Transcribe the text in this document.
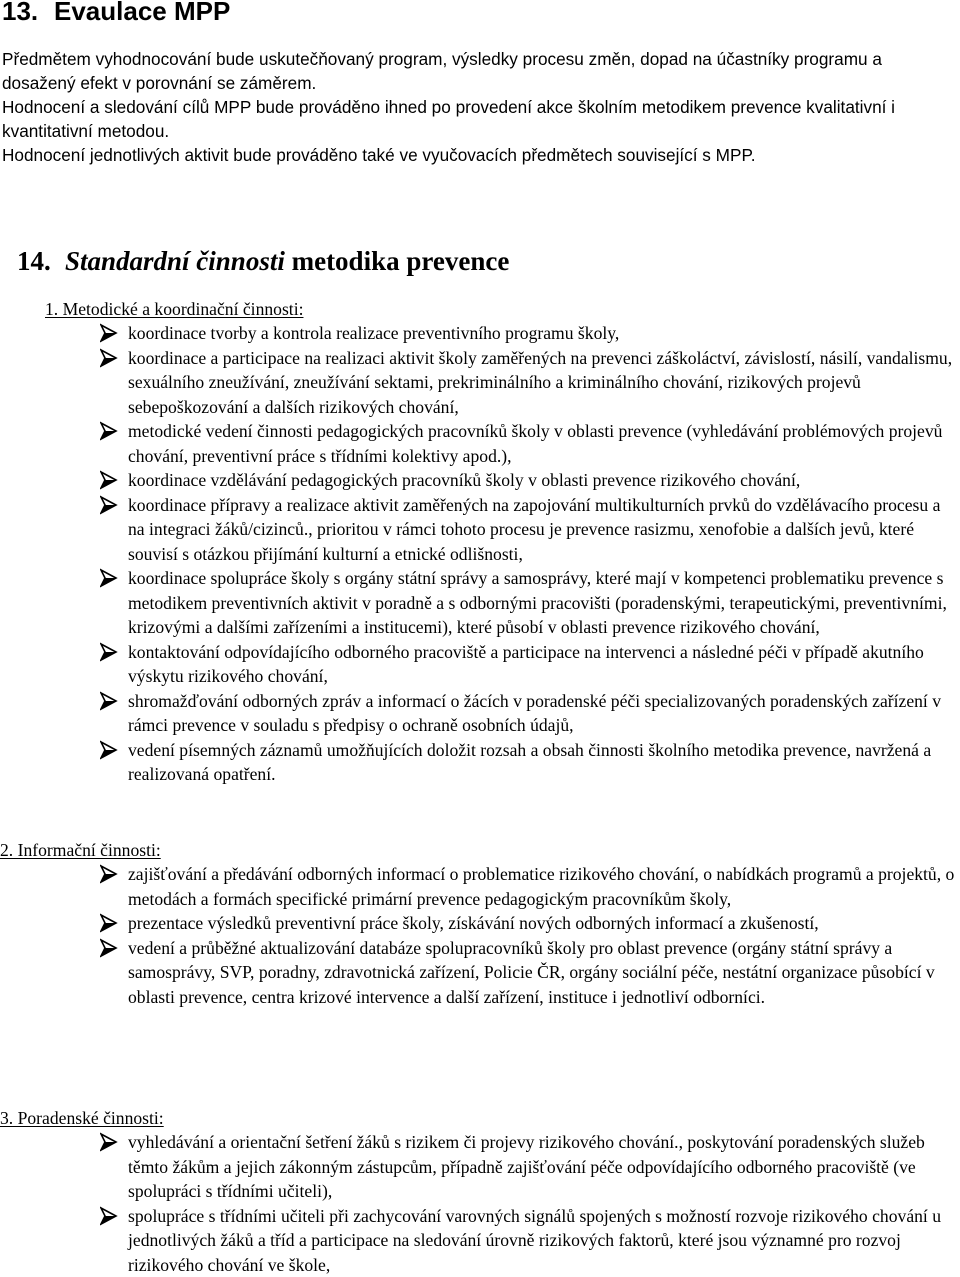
13. Evaulace MPP

Předmětem vyhodnocování bude uskutečňovaný program, výsledky procesu změn, dopad na účastníky programu a dosažený efekt v porovnání se záměrem.

Hodnocení a sledování cílů MPP bude prováděno ihned po provedení akce školním metodikem prevence kvalitativní i kvantitativní metodou.

Hodnocení jednotlivých aktivit bude prováděno také ve vyučovacích předmětech související s MPP.

14. Standardní činnosti metodika prevence
1. Metodické a koordinační činnosti:
koordinace tvorby a kontrola realizace preventivního programu školy,
koordinace a participace na realizaci aktivit školy zaměřených na prevenci záškoláctví, závislostí, násilí, vandalismu, sexuálního zneužívání, zneužívání sektami, prekriminálního a kriminálního chování, rizikových projevů sebepoškozování a dalších rizikových chování,
metodické vedení činnosti pedagogických pracovníků školy v oblasti prevence (vyhledávání problémových projevů chování, preventivní práce s třídními kolektivy apod.),
koordinace vzdělávání pedagogických pracovníků školy v oblasti prevence rizikového chování,
koordinace přípravy a realizace aktivit zaměřených na zapojování multikulturních prvků do vzdělávacího procesu a na integraci žáků/cizinců., prioritou v rámci tohoto procesu je prevence rasizmu, xenofobie a dalších jevů, které souvisí s otázkou přijímání kulturní a etnické odlišnosti,
koordinace spolupráce školy s orgány státní správy a samosprávy, které mají v kompetenci problematiku prevence s metodikem preventivních aktivit v poradně a s odbornými pracovišti (poradenskými, terapeutickými, preventivními, krizovými a dalšími zařízeními a institucemi), které působí v oblasti prevence rizikového chování,
kontaktování odpovídajícího odborného pracoviště a participace na intervenci a následné péči v případě akutního výskytu rizikového chování,
shromažďování odborných zpráv a informací o žácích v poradenské péči specializovaných poradenských zařízení v rámci prevence v souladu s předpisy o ochraně osobních údajů,
vedení písemných záznamů umožňujících doložit rozsah a obsah činnosti školního metodika prevence, navržená a realizovaná opatření.
2. Informační činnosti:
zajišťování a předávání odborných informací o problematice rizikového chování, o nabídkách programů a projektů, o metodách a formách specifické primární prevence pedagogickým pracovníkům školy,
prezentace výsledků preventivní práce školy, získávání nových odborných informací a zkušeností,
vedení a průběžné aktualizování databáze spolupracovníků školy pro oblast prevence (orgány státní správy a samosprávy, SVP, poradny, zdravotnická zařízení, Policie ČR, orgány sociální péče, nestátní organizace působící v oblasti prevence, centra krizové intervence a další zařízení, instituce i jednotliví odborníci.
3. Poradenské činnosti:
vyhledávání a orientační šetření žáků s rizikem či projevy rizikového chování., poskytování poradenských služeb těmto žákům a jejich zákonným zástupcům, případně zajišťování péče odpovídajícího odborného pracoviště (ve spolupráci s třídními učiteli),
spolupráce s třídními učiteli při zachycování varovných signálů spojených s možností rozvoje rizikového chování u jednotlivých žáků a tříd a participace na sledování úrovně rizikových faktorů, které jsou významné pro rozvoj rizikového chování ve škole,
